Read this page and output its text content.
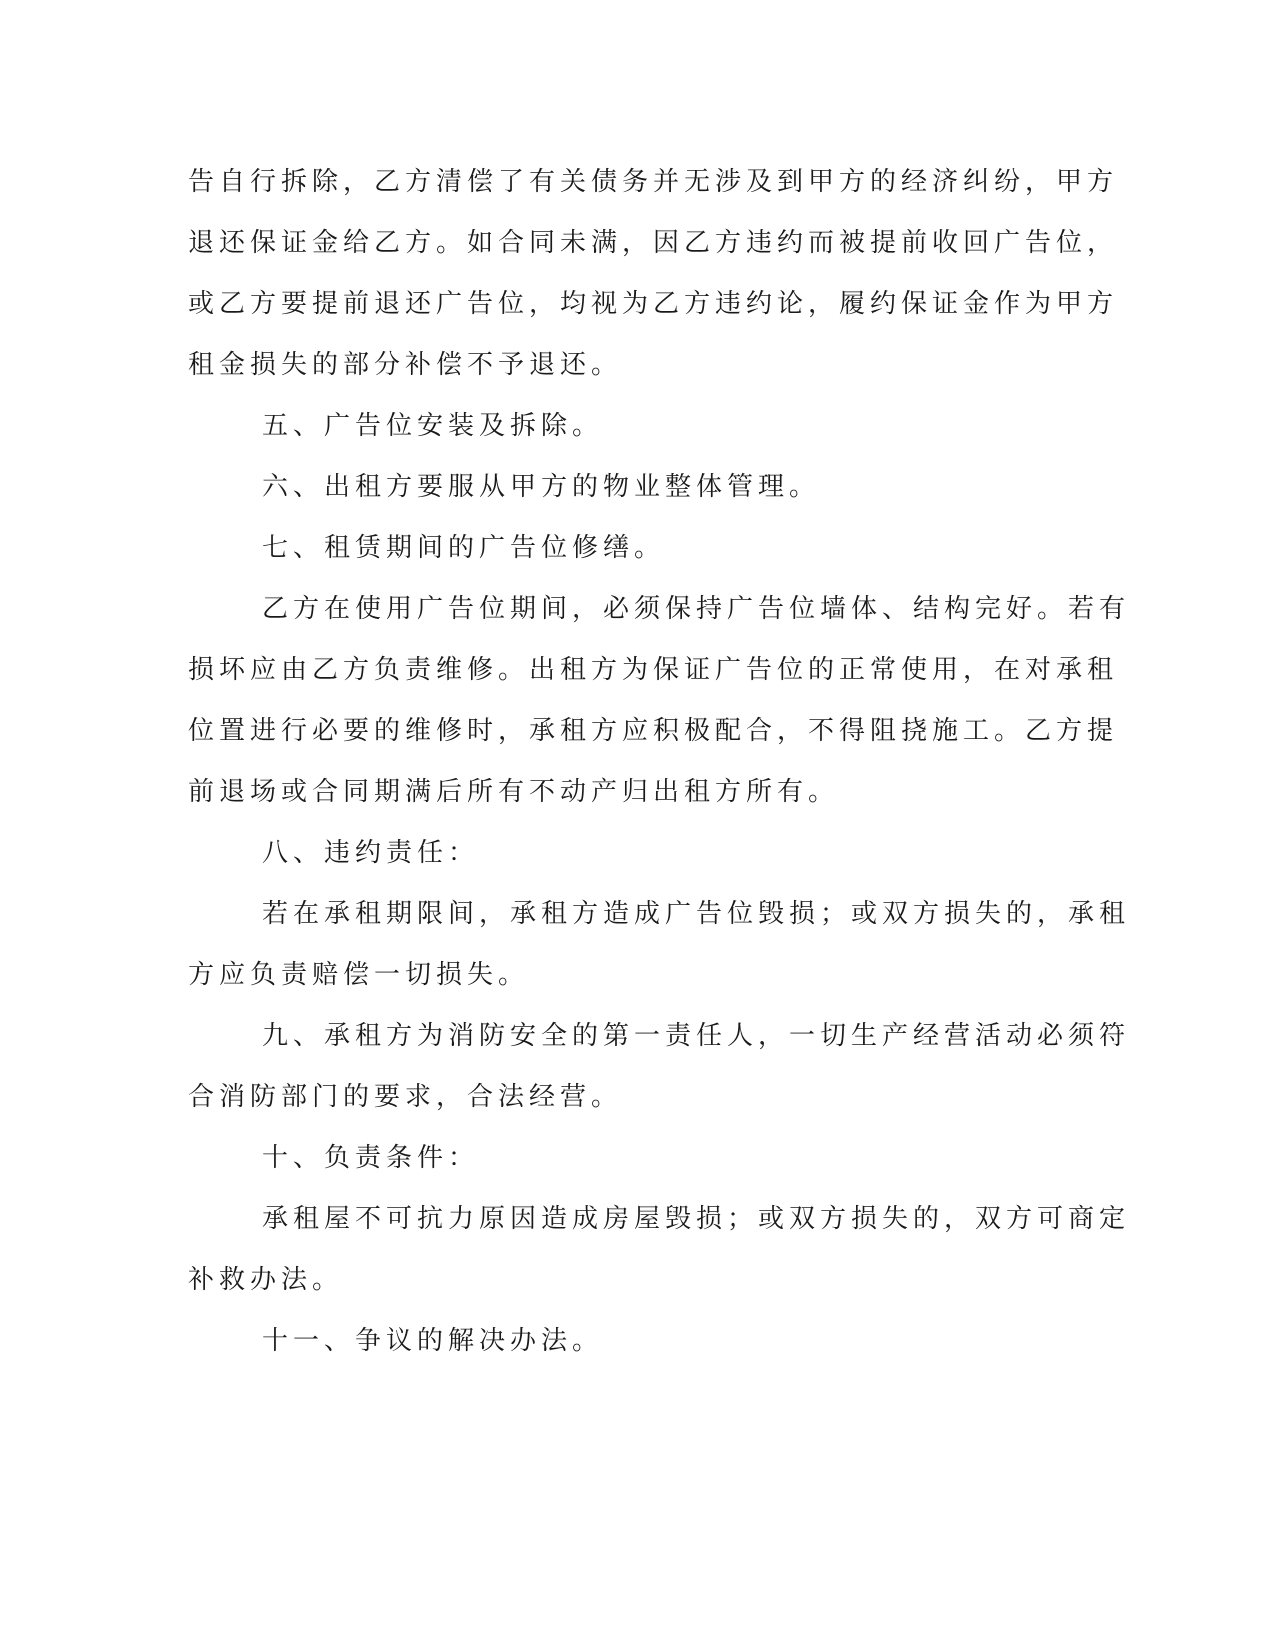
告自行拆除，乙方清偿了有关债务并无涉及到甲方的经济纠纷，甲方
退还保证金给乙方。如合同未满，因乙方违约而被提前收回广告位，
或乙方要提前退还广告位，均视为乙方违约论，履约保证金作为甲方
租金损失的部分补偿不予退还。
五、广告位安装及拆除。
六、出租方要服从甲方的物业整体管理。
七、租赁期间的广告位修缮。
乙方在使用广告位期间，必须保持广告位墙体、结构完好。若有
损坏应由乙方负责维修。出租方为保证广告位的正常使用，在对承租
位置进行必要的维修时，承租方应积极配合，不得阻挠施工。乙方提
前退场或合同期满后所有不动产归出租方所有。
八、违约责任：
若在承租期限间，承租方造成广告位毁损；或双方损失的，承租
方应负责赔偿一切损失。
九、承租方为消防安全的第一责任人，一切生产经营活动必须符
合消防部门的要求，合法经营。
十、负责条件：
承租屋不可抗力原因造成房屋毁损；或双方损失的，双方可商定
补救办法。
十一、争议的解决办法。
